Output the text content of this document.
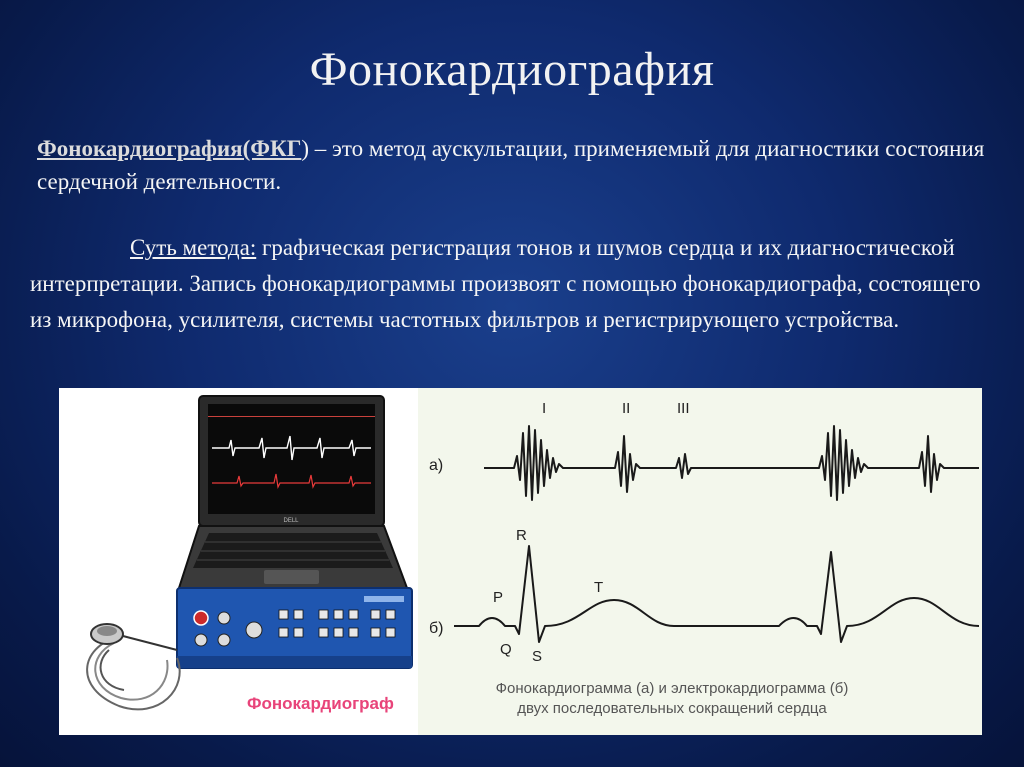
Фонокардиография
Фонокардиография(ФКГ) – это метод аускультации, применяемый для диагностики состояния сердечной деятельности.
Суть метода: графическая регистрация тонов и шумов сердца и их диагностической интерпретации. Запись фонокардиограммы произвоят с помощью фонокардиографа, состоящего из микрофона, усилителя, системы частотных фильтров и регистрирующего устройства.
DELL
Фонокардиограф
I	II	III
а)
б)
P
Q
R
S
T
Фонокардиограмма (а) и электрокардиограмма (б)
двух последовательных сокращений сердца
